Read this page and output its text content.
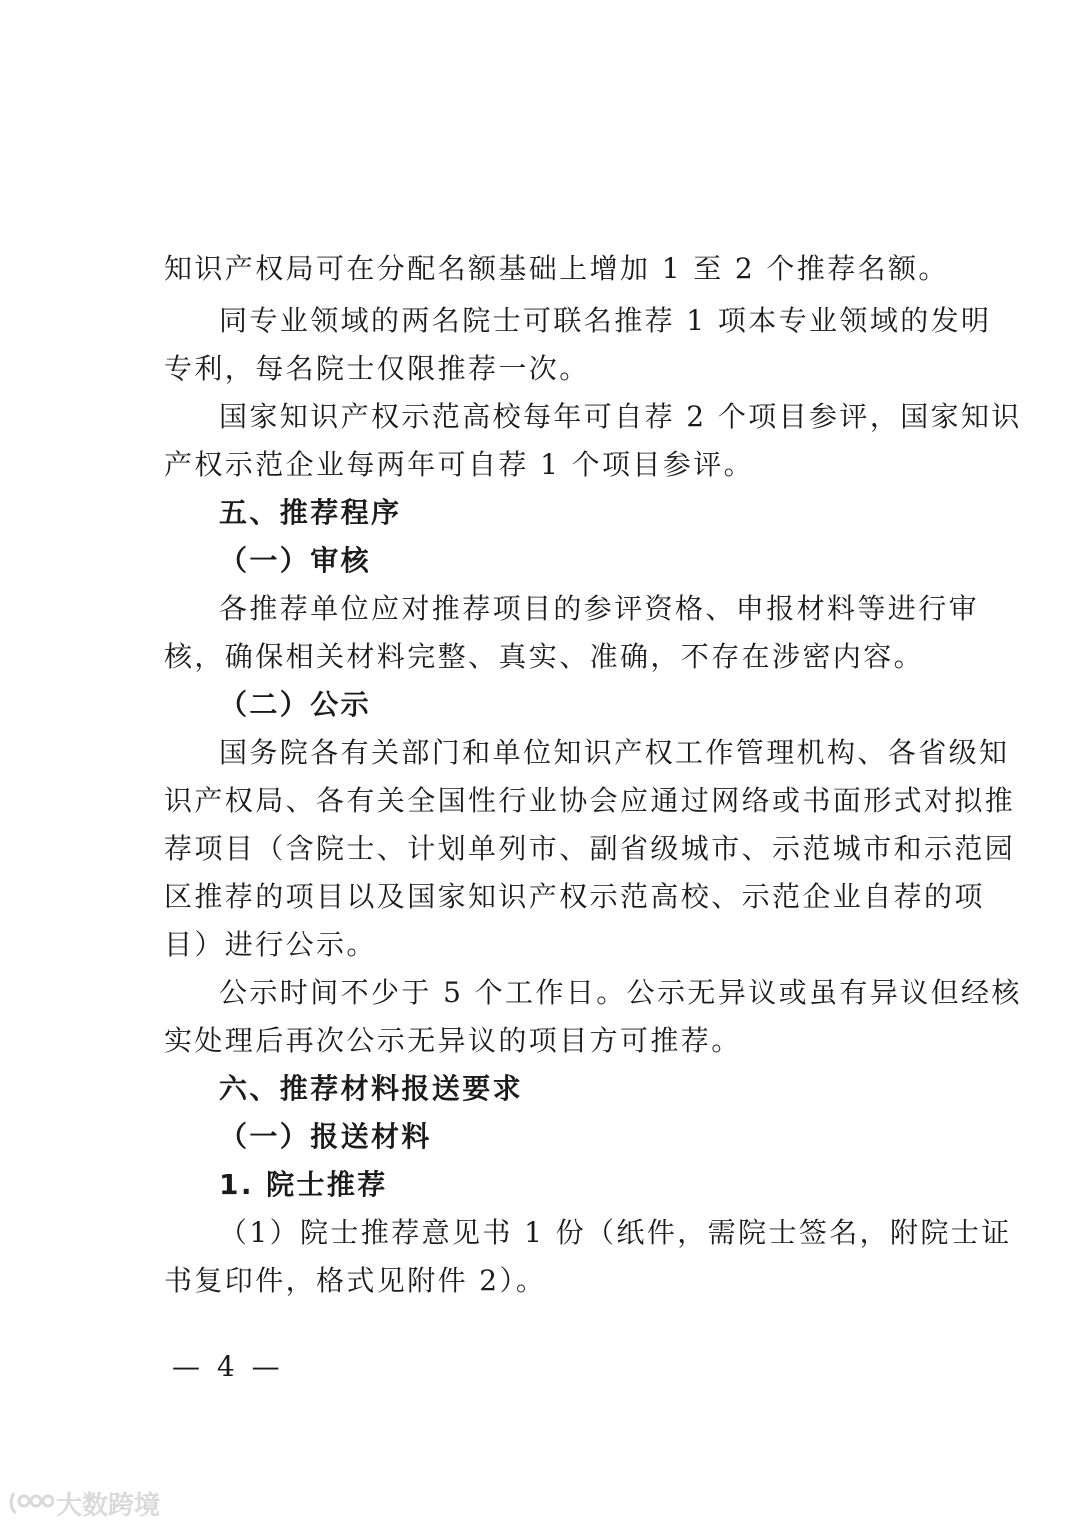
知识产权局可在分配名额基础上增加 1 至 2 个推荐名额。
同专业领域的两名院士可联名推荐 1 项本专业领域的发明
专利，每名院士仅限推荐一次。
国家知识产权示范高校每年可自荐 2 个项目参评，国家知识
产权示范企业每两年可自荐 1 个项目参评。
五、推荐程序
（一）审核
各推荐单位应对推荐项目的参评资格、申报材料等进行审
核，确保相关材料完整、真实、准确，不存在涉密内容。
（二）公示
国务院各有关部门和单位知识产权工作管理机构、各省级知
识产权局、各有关全国性行业协会应通过网络或书面形式对拟推
荐项目（含院士、计划单列市、副省级城市、示范城市和示范园
区推荐的项目以及国家知识产权示范高校、示范企业自荐的项
目）进行公示。
公示时间不少于 5 个工作日。公示无异议或虽有异议但经核
实处理后再次公示无异议的项目方可推荐。
六、推荐材料报送要求
（一）报送材料
1. 院士推荐
（1）院士推荐意见书 1 份（纸件，需院士签名，附院士证
书复印件，格式见附件 2）。
— 4 —
大数跨境
